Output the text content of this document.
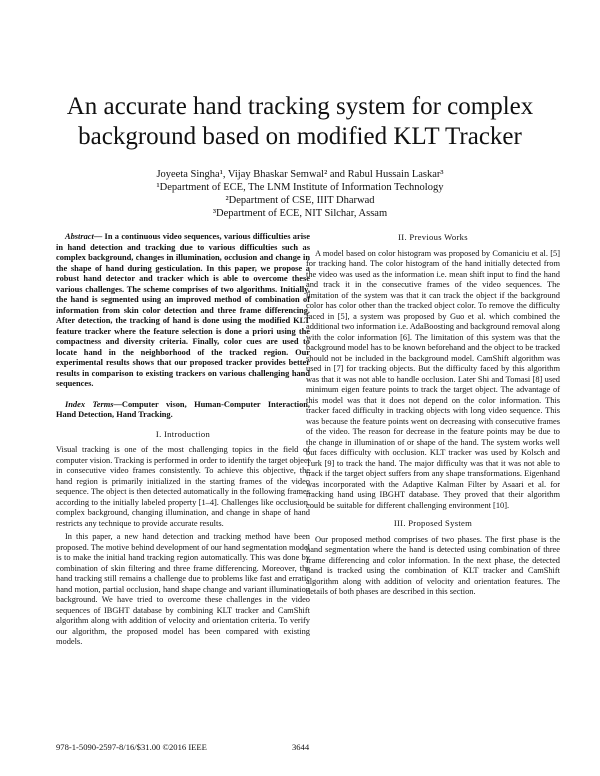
An accurate hand tracking system for complex
background based on modified KLT Tracker
Joyeeta Singha¹, Vijay Bhaskar Semwal² and Rabul Hussain Laskar³
¹Department of ECE, The LNM Institute of Information Technology
²Department of CSE, IIIT Dharwad
³Department of ECE, NIT Silchar, Assam

Abstract— In a continuous video sequences, various difficulties arise in hand detection and tracking due to various difficulties such as complex background, changes in illumination, occlusion and change in the shape of hand during gesticulation. In this paper, we propose a robust hand detector and tracker which is able to overcome these various challenges. The scheme comprises of two algorithms. Initially, the hand is segmented using an improved method of combination of information from skin color detection and three frame differencing. After detection, the tracking of hand is done using the modified KLT feature tracker where the feature selection is done a priori using the compactness and diversity criteria. Finally, color cues are used to locate hand in the neighborhood of the tracked region. Our experimental results shows that our proposed tracker provides better results in comparison to existing trackers on various challenging hand sequences.

Index Terms—Computer vison, Human-Computer Interaction, Hand Detection, Hand Tracking.

I. Introduction

Visual tracking is one of the most challenging topics in the field of computer vision. Tracking is performed in order to identify the target object in consecutive video frames consistently. To achieve this objective, the hand region is primarily initialized in the starting frames of the video sequence. The object is then detected automatically in the following frames according to the initially labeled property [1–4]. Challenges like occlusion, complex background, changing illumination, and change in shape of hand restricts any technique to provide accurate results.

In this paper, a new hand detection and tracking method have been proposed. The motive behind development of our hand segmentation model is to make the initial hand tracking region automatically. This was done by combination of skin filtering and three frame differencing. Moreover, the hand tracking still remains a challenge due to problems like fast and erratic hand motion, partial occlusion, hand shape change and variant illumination background. We have tried to overcome these challenges in the video sequences of IBGHT database by combining KLT tracker and CamShift algorithm along with addition of velocity and orientation criteria. To verify our algorithm, the proposed model has been compared with existing models.

II. Previous Works

A model based on color histogram was proposed by Comaniciu et al. [5] for tracking hand. The color histogram of the hand initially detected from the video was used as the information i.e. mean shift input to find the hand and track it in the consecutive frames of the video sequences. The limitation of the system was that it can track the object if the background color has color other than the tracked object color. To remove the difficulty faced in [5], a system was proposed by Guo et al. which combined the additional two information i.e. AdaBoosting and background removal along with the color information [6]. The limitation of this system was that the background model has to be known beforehand and the object to be tracked should not be included in the background model. CamShift algorithm was used in [7] for tracking objects. But the difficulty faced by this algorithm was that it was not able to handle occlusion. Later Shi and Tomasi [8] used minimum eigen feature points to track the target object. The advantage of this model was that it does not depend on the color information. This tracker faced difficulty in tracking objects with long video sequence. This was because the feature points went on decreasing with consecutive frames of the video. The reason for decrease in the feature points may be due to the change in illumination of or shape of the hand. The system works well but faces difficulty with occlusion. KLT tracker was used by Kolsch and Turk [9] to track the hand. The major difficulty was that it was not able to track if the target object suffers from any shape transformations. Eigenhand was incorporated with the Adaptive Kalman Filter by Asaari et al. for tracking hand using IBGHT database. They proved that their algorithm could be suitable for different challenging environment [10].

III. Proposed System

Our proposed method comprises of two phases. The first phase is the hand segmentation where the hand is detected using combination of three frame differencing and color information. In the next phase, the detected hand is tracked using the combination of KLT tracker and CamShift algorithm along with addition of velocity and orientation features. The details of both phases are described in this section.

978-1-5090-2597-8/16/$31.00 ©2016 IEEE	3644
